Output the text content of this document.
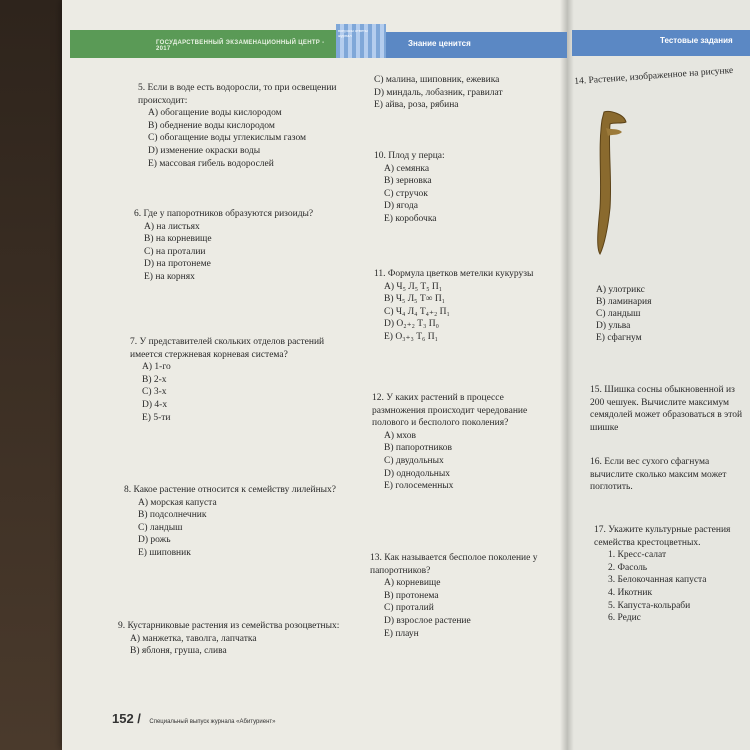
ГОСУДАРСТВЕННЫЙ ЭКЗАМЕНАЦИОННЫЙ ЦЕНТР - 2017
вопросы ответы журнал
Знание ценится	Тестовые задания
5. Если в воде есть водоросли, то при освещении происходит:
A) обогащение воды кислородом
B) обеднение воды кислородом
C) обогащение воды углекислым газом
D) изменение окраски воды
E) массовая гибель водорослей
6. Где у папоротников образуются ризоиды?
A) на листьях
B) на корневище
C) на проталии
D) на протонеме
E) на корнях
7. У представителей скольких отделов растений имеется стержневая корневая система?
A) 1-го
B) 2-х
C) 3-х
D) 4-х
E) 5-ти
8. Какое растение относится к семейству лилейных?
A) морская капуста
B) подсолнечник
C) ландыш
D) рожь
E) шиповник
9. Кустарниковые растения из семейства розоцветных:
A) манжетка, таволга, лапчатка
B) яблоня, груша, слива
C) малина, шиповник, ежевика
D) миндаль, лобазник, гравилат
E) айва, роза, рябина
10. Плод у перца:
A) семянка
B) зерновка
C) стручок
D) ягода
E) коробочка
11. Формула цветков метелки кукурузы
A) Ч₅ Л₅ Т₅ П₁
B) Ч₅ Л₅ Т∞ П₁
C) Ч₄ Л₄ Т₄₊₂ П₁
D) О₂₊₂ Т₃ П₀
E) О₃₊₃ Т₆ П₁
12. У каких растений в процессе размножения происходит чередование полового и бесполого поколения?
A) мхов
B) папоротников
C) двудольных
D) однодольных
E) голосеменных
13. Как называется бесполое поколение у папоротников?
A) корневище
B) протонема
C) проталий
D) взрослое растение
E) плаун
14. Растение, изображенное на рисунке
A) улотрикс
B) ламинария
C) ландыш
D) ульва
E) сфагнум
15. Шишка сосны обыкновенной из 200 чешуек. Вычислите максимум семядолей может образоваться в этой шишке
16. Если вес сухого сфагнума вычислите сколько максим может поглотить.
17. Укажите культурные растения семейства крестоцветных.
1. Кресс-салат
2. Фасоль
3. Белокочанная капуста
4. Икотник
5. Капуста-кольраби
6. Редис
152 / Специальный выпуск журнала «Абитуриент»
